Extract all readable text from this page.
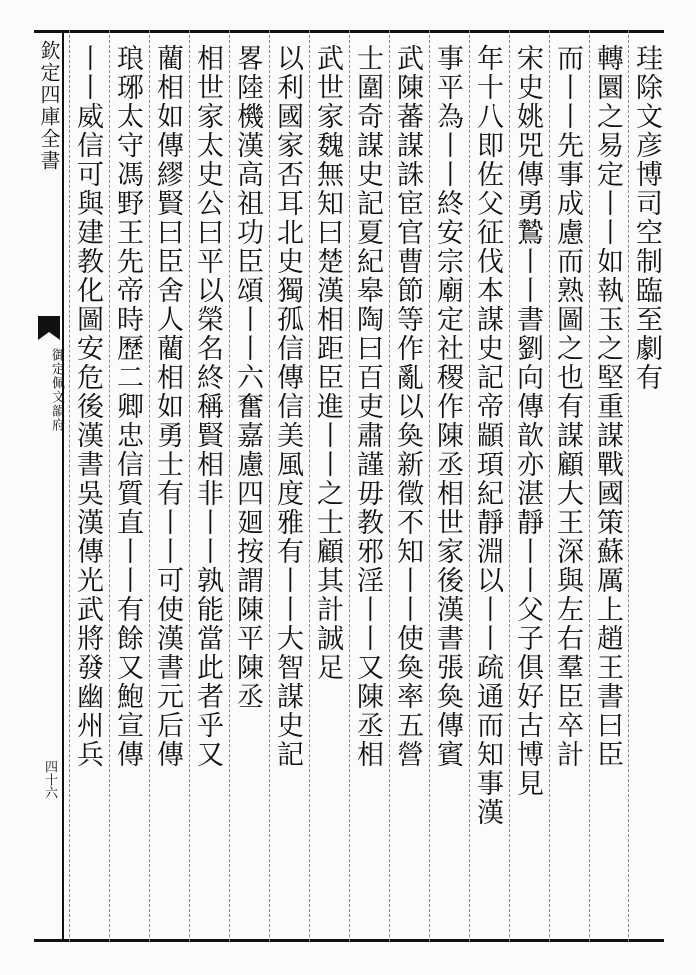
欽定四庫全書
御定佩文韻府
四十六
珪除文彦博司空制臨至劇有
轉圜之易定丨丨如執玉之堅重謀戰國策蘇厲上趙王書曰臣
而丨丨先事成慮而熟圖之也有謀顧大王深與左右羣臣卒計
宋史姚兕傳勇鷙丨丨書劉向傳歆亦湛靜丨丨父子俱好古博見
年十八即佐父征伐本謀史記帝顓頊紀靜淵以丨丨疏通而知事漢
事平為丨丨終安宗廟定社稷作陳丞相世家後漢書張奐傳賓
武陳蕃謀誅宦官曹節等作亂以奐新徵不知丨丨使奐率五營
士圍奇謀史記夏紀皋陶曰百吏肅謹毋教邪淫丨丨又陳丞相
武世家魏無知曰楚漢相距臣進丨丨之士顧其計誠足
以利國家否耳北史獨孤信傳信美風度雅有丨丨大智謀史記
畧陸機漢高祖功臣頌丨丨六奮嘉慮四廻按謂陳平陳丞
相世家太史公曰平以榮名終稱賢相非丨丨孰能當此者乎又
藺相如傳繆賢曰臣舍人藺相如勇士有丨丨可使漢書元后傳
琅琊太守馮野王先帝時歷二卿忠信質直丨丨有餘又鮑宣傳
丨丨威信可與建教化圖安危後漢書吳漢傳光武將發幽州兵
